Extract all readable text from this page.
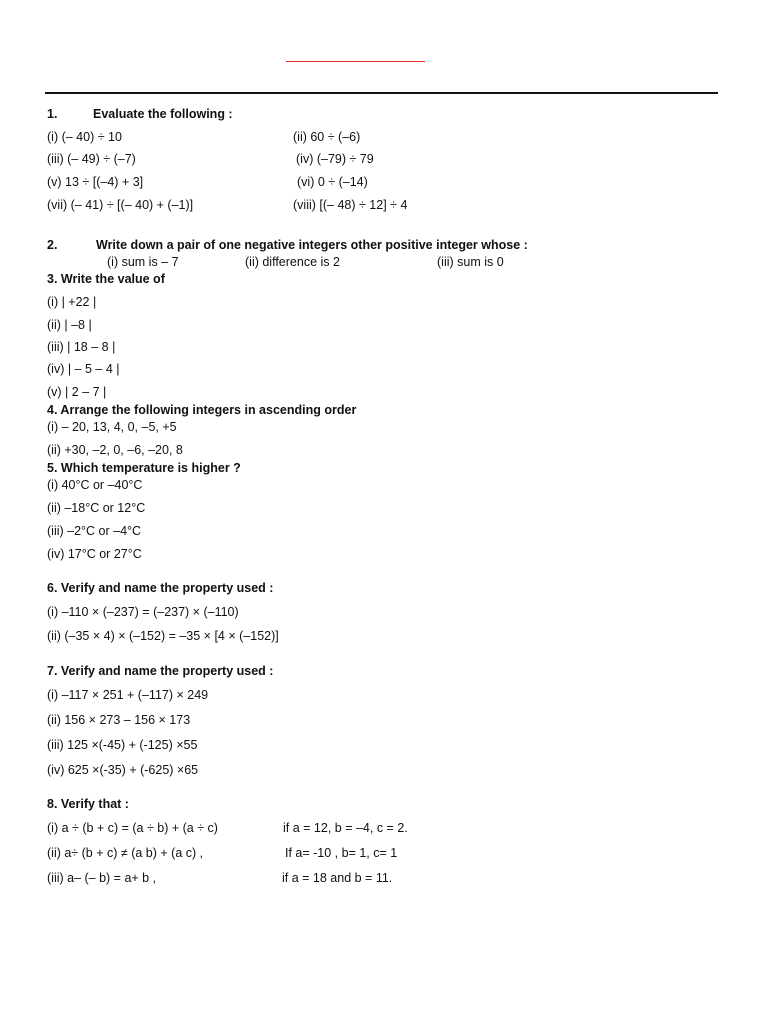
1.	Evaluate the following :
(i) (– 40) ÷ 10	(ii) 60 ÷ (–6)
(iii) (– 49) ÷ (–7)	(iv) (–79) ÷ 79
(v) 13 ÷ [(–4) + 3]	(vi) 0 ÷ (–14)
(vii) (– 41) ÷ [(– 40) + (–1)]	(viii) [(– 48) ÷ 12] ÷ 4
2.	Write down a pair of one negative integers other positive integer whose :
(i) sum is – 7	(ii) difference is 2	(iii) sum is 0
3. Write the value of
(i) | +22 |
(ii) | –8 |
(iii) | 18 – 8 |
(iv) | – 5 – 4 |
(v) | 2 – 7 |
4. Arrange the following integers in ascending order
(i) – 20, 13, 4, 0, –5, +5
(ii) +30, –2, 0, –6, –20, 8
5. Which temperature is higher ?
(i) 40°C or –40°C
(ii) –18°C or 12°C
(iii) –2°C or –4°C
(iv) 17°C or 27°C
6. Verify and name the property used :
(i) –110 × (–237) = (–237) × (–110)
(ii) (–35 × 4) × (–152) = –35 × [4 × (–152)]
7. Verify and name the property used :
(i) –117 × 251 + (–117) × 249
(ii) 156 × 273 – 156 × 173
(iii) 125 ×(-45) + (-125) ×55
(iv) 625 ×(-35) + (-625) ×65
8. Verify that :
(i) a ÷ (b + c) = (a ÷ b) + (a ÷ c)	if a = 12, b = –4, c = 2.
(ii) a÷ (b + c) ≠ (a b) + (a c) ,	If a= -10 , b= 1, c= 1
(iii) a– (– b) = a+ b ,	if a = 18 and b = 11.
